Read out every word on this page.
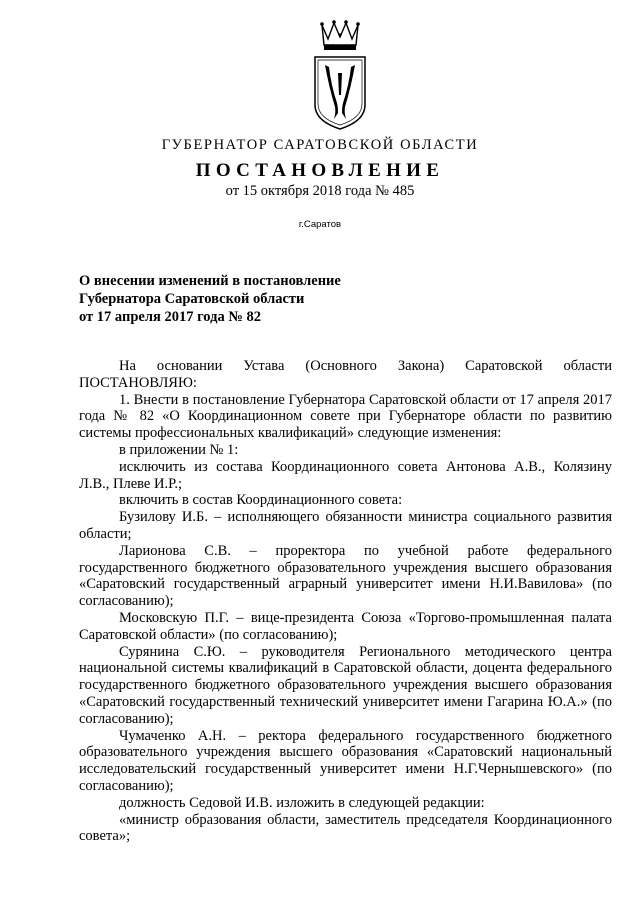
ГУБЕРНАТОР САРАТОВСКОЙ ОБЛАСТИ
ПОСТАНОВЛЕНИЕ
от 15 октября 2018 года № 485
г.Саратов
О внесении изменений в постановление
Губернатора Саратовской области
от 17 апреля 2017 года № 82

На основании Устава (Основного Закона) Саратовской области ПОСТАНОВЛЯЮ:

1. Внести в постановление Губернатора Саратовской области от 17 апреля 2017 года № 82 «О Координационном совете при Губернаторе области по развитию системы профессиональных квалификаций» следующие изменения:

в приложении № 1:

исключить из состава Координационного совета Антонова А.В., Колязину Л.В., Плеве И.Р.;

включить в состав Координационного совета:

Бузилову И.Б. – исполняющего обязанности министра социального развития области;

Ларионова С.В. – проректора по учебной работе федерального государственного бюджетного образовательного учреждения высшего образования «Саратовский государственный аграрный университет имени Н.И.Вавилова» (по согласованию);

Московскую П.Г. – вице-президента Союза «Торгово-промышленная палата Саратовской области» (по согласованию);

Сурянина С.Ю. – руководителя Регионального методического центра национальной системы квалификаций в Саратовской области, доцента федерального государственного бюджетного образовательного учреждения высшего образования «Саратовский государственный технический университет имени Гагарина Ю.А.» (по согласованию);

Чумаченко А.Н. – ректора федерального государственного бюджетного образовательного учреждения высшего образования «Саратовский национальный исследовательский государственный университет имени Н.Г.Чернышевского» (по согласованию);

должность Седовой И.В. изложить в следующей редакции:

«министр образования области, заместитель председателя Координационного совета»;
